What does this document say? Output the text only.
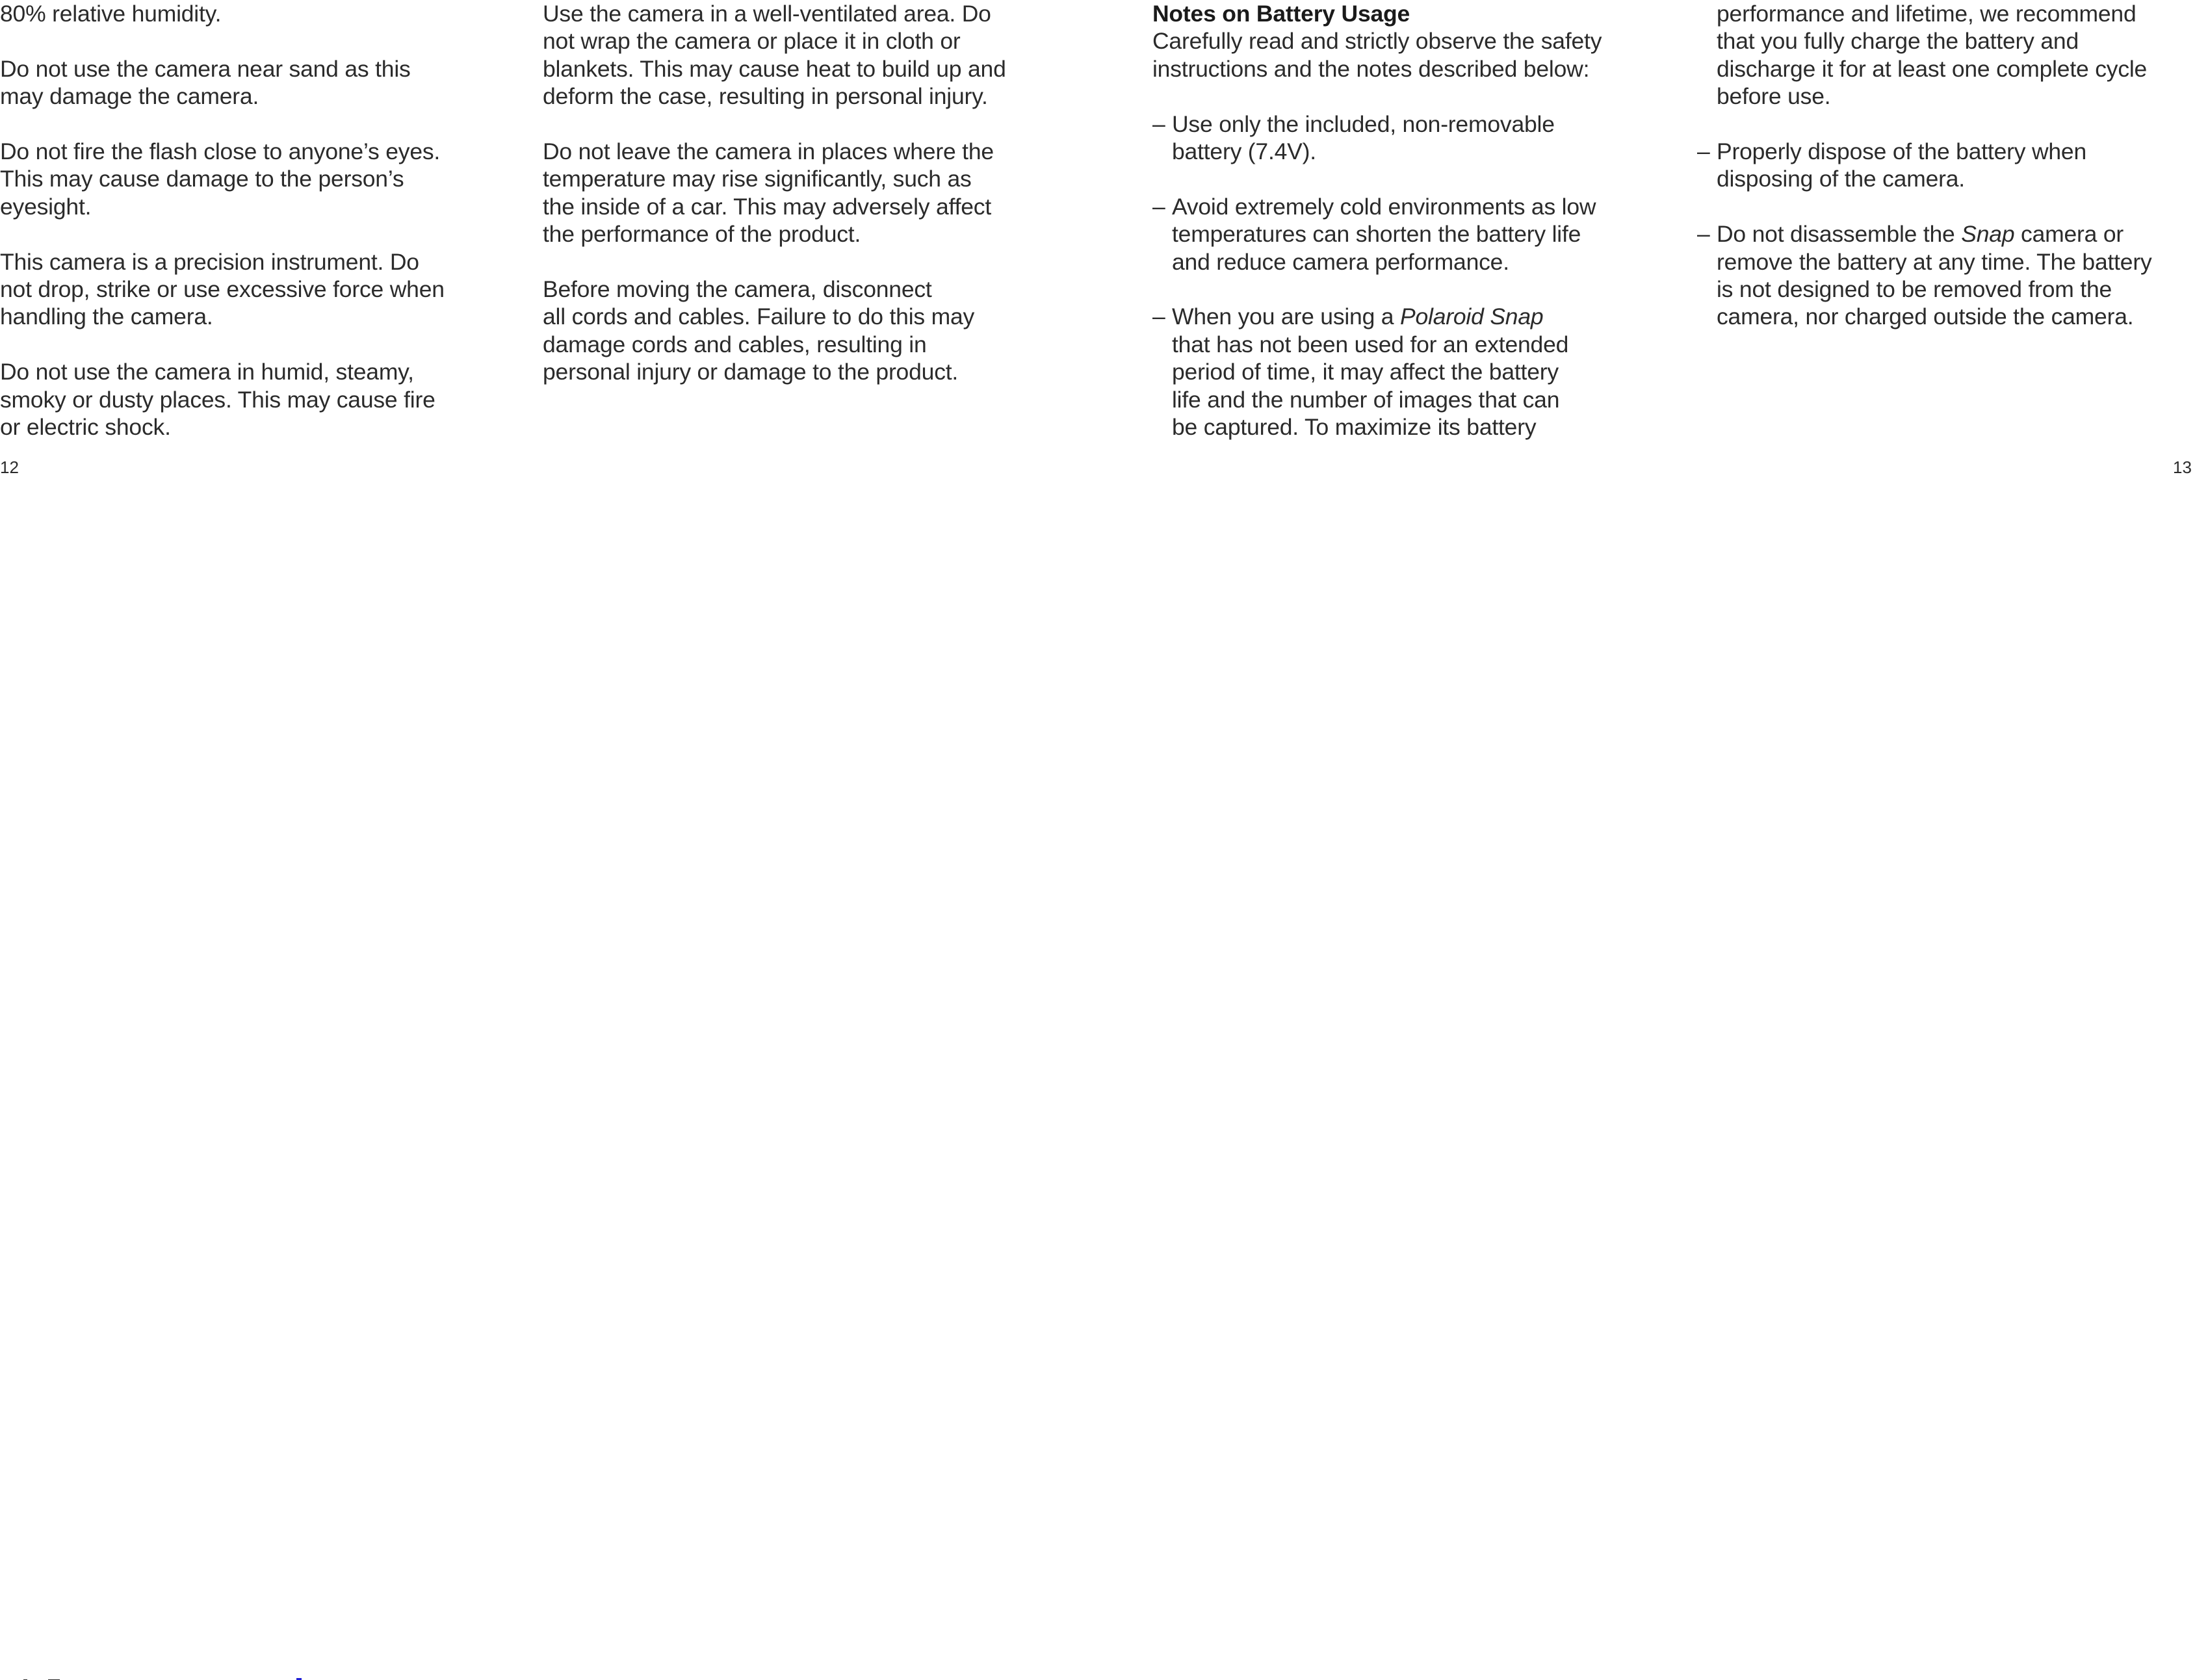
80% relative humidity.

Do not use the camera near sand as this
may damage the camera.

Do not fire the flash close to anyone’s eyes.
This may cause damage to the person’s
eyesight.

This camera is a precision instrument. Do
not drop, strike or use excessive force when
handling the camera.

Do not use the camera in humid, steamy,
smoky or dusty places. This may cause fire
or electric shock.

Use the camera in a well-ventilated area. Do
not wrap the camera or place it in cloth or
blankets. This may cause heat to build up and
deform the case, resulting in personal injury.

Do not leave the camera in places where the
temperature may rise significantly, such as
the inside of a car. This may adversely affect
the performance of the product.

Before moving the camera, disconnect
all cords and cables. Failure to do this may
damage cords and cables, resulting in
personal injury or damage to the product.

Notes on Battery Usage
Carefully read and strictly observe the safety
instructions and the notes described below:
– Use only the included, non-removable
battery (7.4V).
– Avoid extremely cold environments as low
temperatures can shorten the battery life
and reduce camera performance.
– When you are using a Polaroid Snap
that has not been used for an extended
period of time, it may affect the battery
life and the number of images that can
be captured. To maximize its battery
performance and lifetime, we recommend
that you fully charge the battery and
discharge it for at least one complete cycle
before use.
– Properly dispose of the battery when
disposing of the camera.
– Do not disassemble the Snap camera or
remove the battery at any time. The battery
is not designed to be removed from the
camera, nor charged outside the camera.
12	13
